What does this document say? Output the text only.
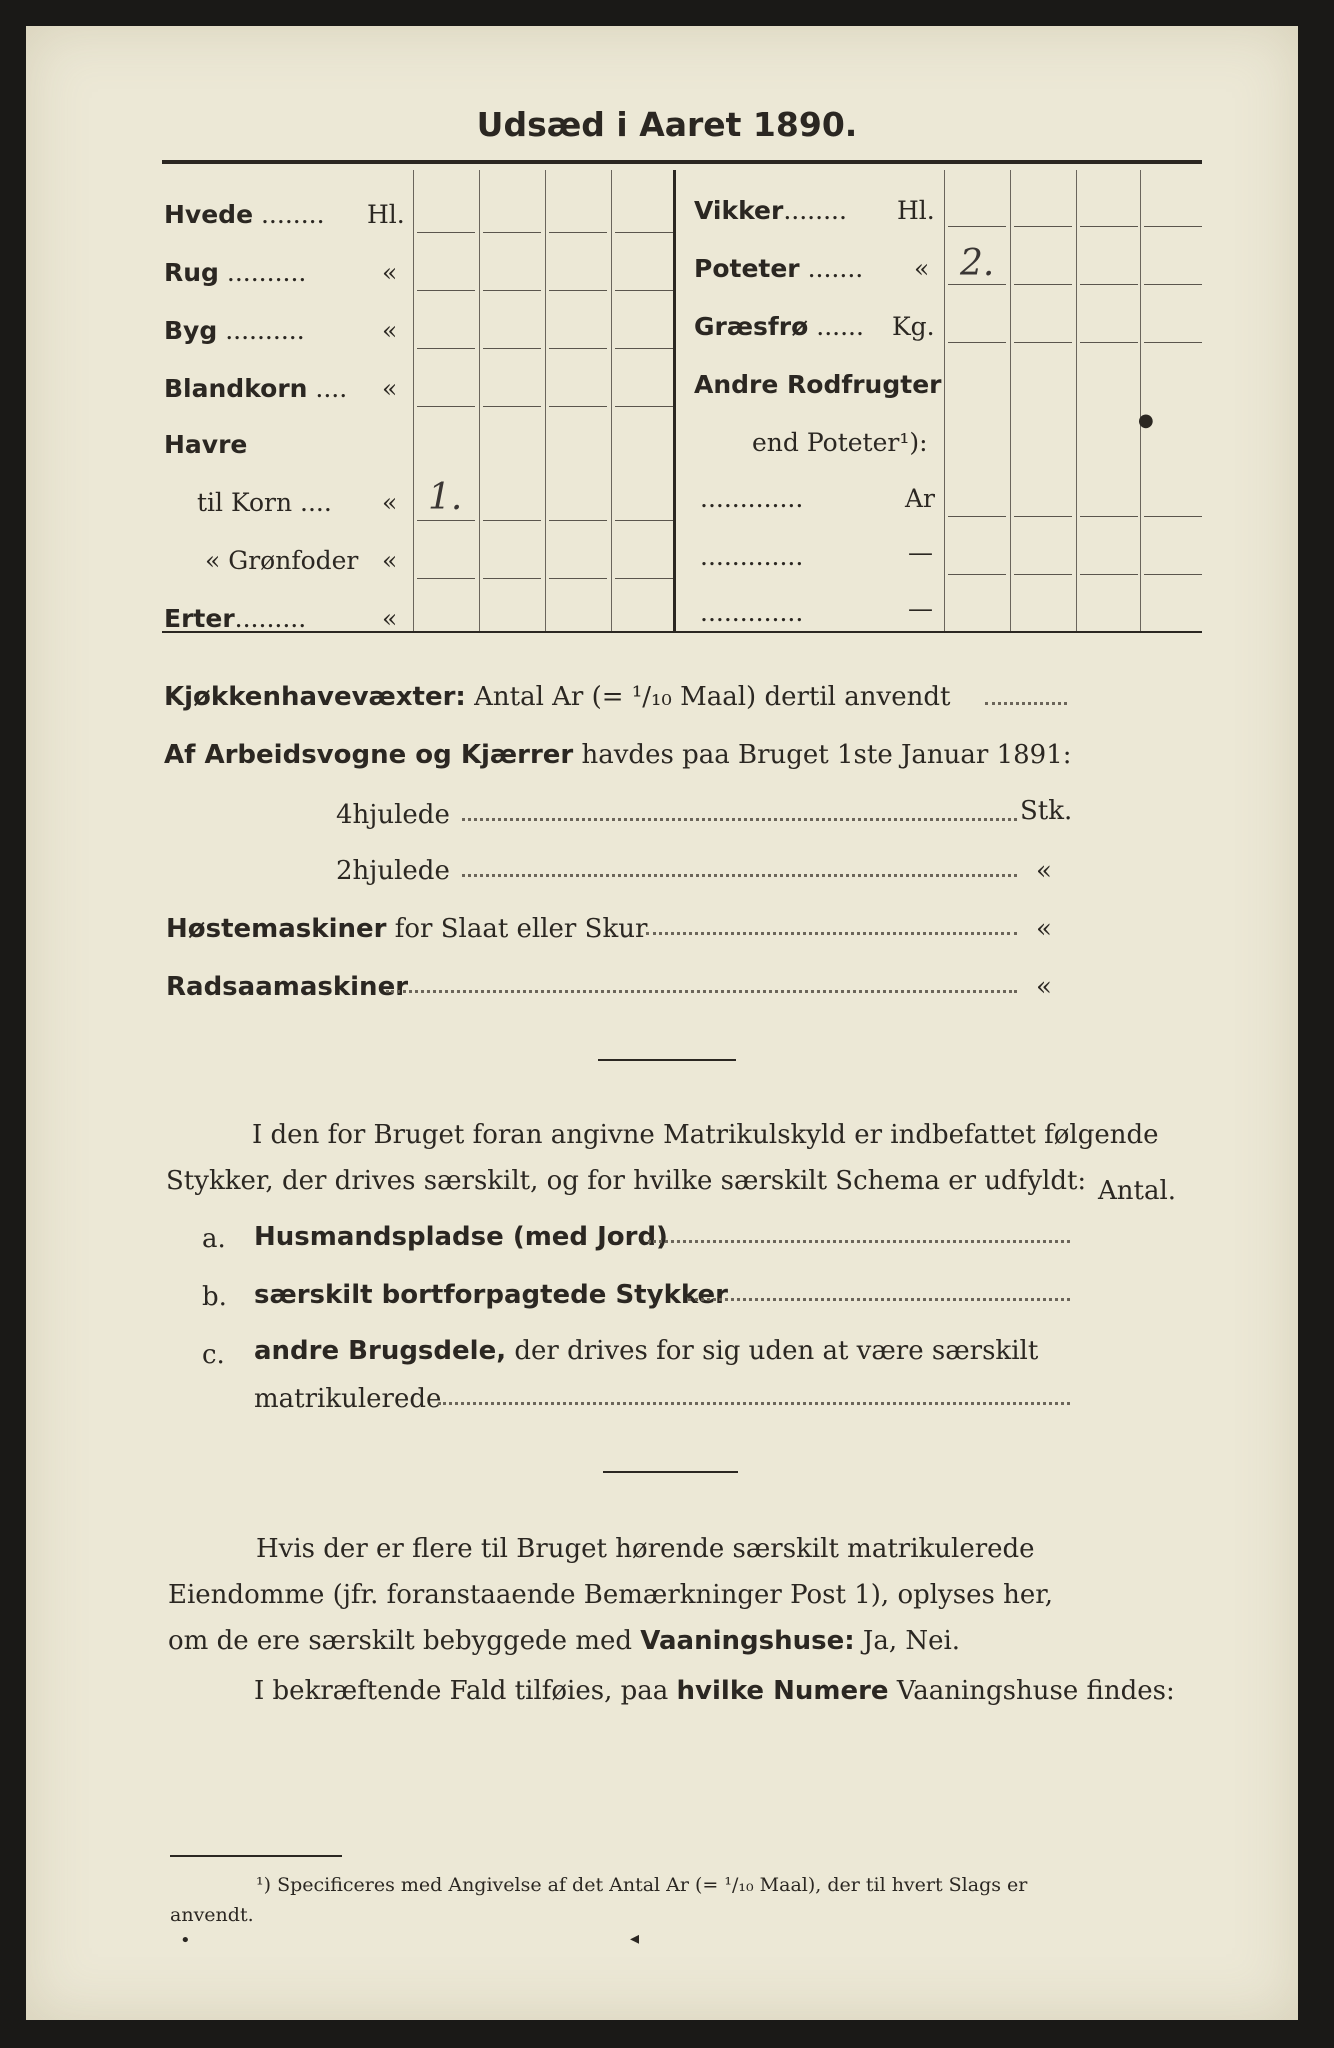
Udsæd i Aaret 1890.
Hvede ........ Hl.
Rug ..........	«
Byg ..........	«
Blandkorn .... «
Havre
til Korn .... « 1.
« Grønfoder «
Erter.........	«
Vikker........ Hl.
Poteter ....... « 2.
Græsfrø ...... Kg.
Andre Rodfrugter
end Poteter¹):
.............	Ar
.............	—
.............	—
Kjøkkenhavevæxter: Antal Ar (= ¹/₁₀ Maal) dertil anvendt
Af Arbeidsvogne og Kjærrer havdes paa Bruget 1ste Januar 1891:
4hjulede	Stk.
2hjulede	«
Høstemaskiner for Slaat eller Skur	«
Radsaamaskiner	«
I den for Bruget foran angivne Matrikulskyld er indbefattet følgende
Stykker, der drives særskilt, og for hvilke særskilt Schema er udfyldt: Antal.
a. Husmandspladse (med Jord)
b. særskilt bortforpagtede Stykker
c. andre Brugsdele, der drives for sig uden at være særskilt
matrikulerede
Hvis der er flere til Bruget hørende særskilt matrikulerede
Eiendomme (jfr. foranstaaende Bemærkninger Post 1), oplyses her,
om de ere særskilt bebyggede med Vaaningshuse: Ja, Nei.
I bekræftende Fald tilføies, paa hvilke Numere Vaaningshuse findes:
¹) Specificeres med Angivelse af det Antal Ar (= ¹/₁₀ Maal), der til hvert Slags er
anvendt.
●
•	◂
